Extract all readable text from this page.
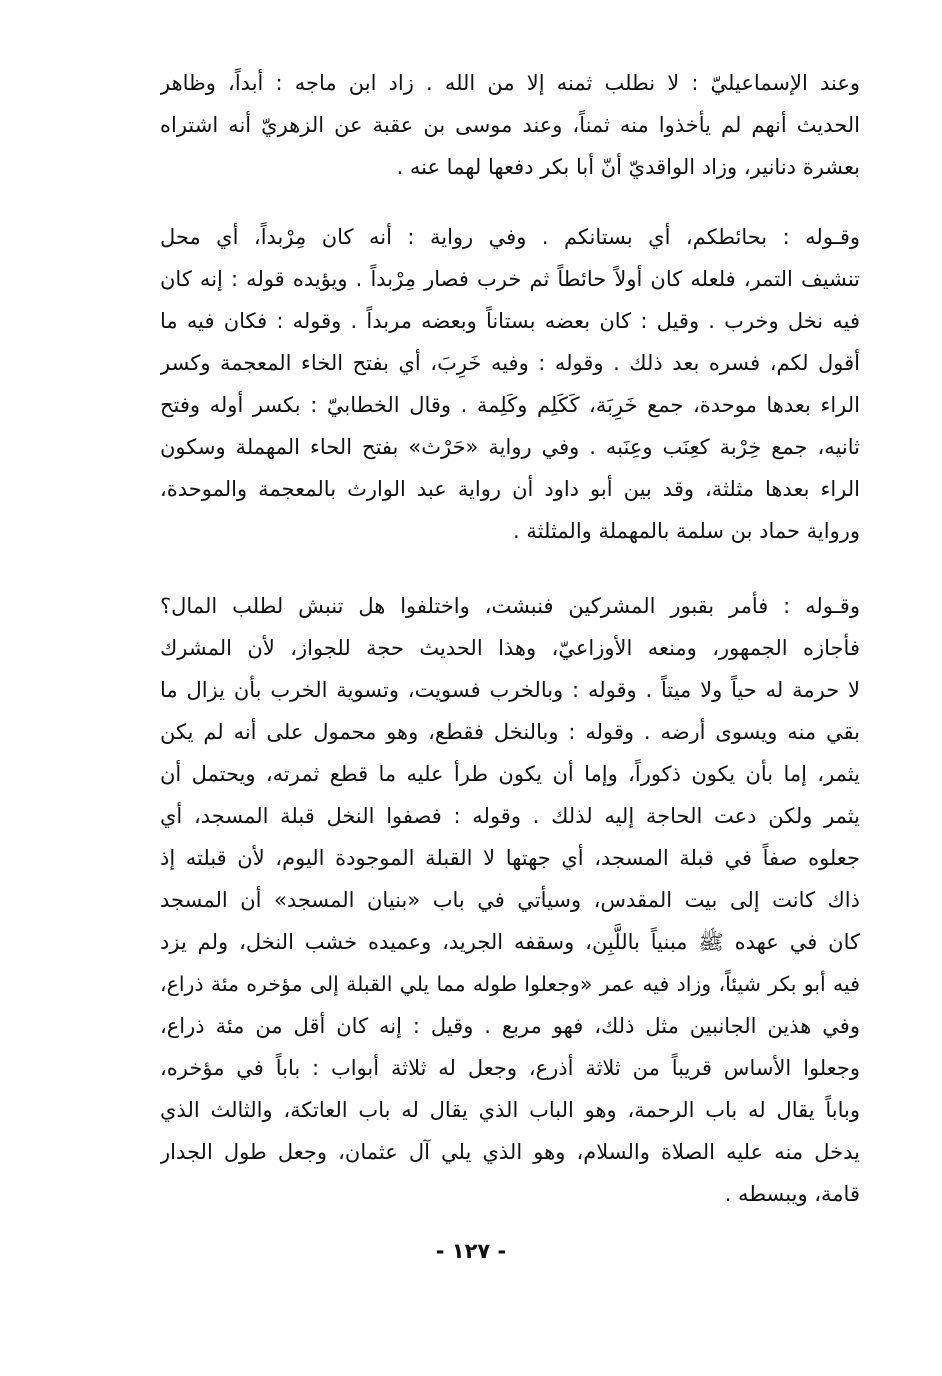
وعند الإسماعيليّ : لا نطلب ثمنه إلا من الله . زاد ابن ماجه : أبداً، وظاهر
الحديث أنهم لم يأخذوا منه ثمناً، وعند موسى بن عقبة عن الزهريّ أنه اشتراه
بعشرة دنانير، وزاد الواقديّ أنّ أبا بكر دفعها لهما عنه .
وقـوله : بحائطكم، أي بستانكم . وفي رواية : أنه كان مِرْبداً، أي محل
تنشيف التمر، فلعله كان أولاً حائطاً ثم خرب فصار مِرْبداً . ويؤيده قوله : إنه كان
فيه نخل وخرب . وقيل : كان بعضه بستاناً وبعضه مربداً . وقوله : فكان فيه ما
أقول لكم، فسره بعد ذلك . وقوله : وفيه خَرِبَ، أي بفتح الخاء المعجمة وكسر
الراء بعدها موحدة، جمع خَرِبَة، كَكَلِم وكَلِمة . وقال الخطابيّ : بكسر أوله وفتح
ثانيه، جمع خِرْبة كعِنَب وعِنَبه . وفي رواية «حَرْث» بفتح الحاء المهملة وسكون
الراء بعدها مثلثة، وقد بين أبو داود أن رواية عبد الوارث بالمعجمة والموحدة،
ورواية حماد بن سلمة بالمهملة والمثلثة .
وقـوله : فأمر بقبور المشركين فنبشت، واختلفوا هل تنبش لطلب المال؟
فأجازه الجمهور، ومنعه الأوزاعيّ، وهذا الحديث حجة للجواز، لأن المشرك
لا حرمة له حياً ولا ميتاً . وقوله : وبالخرب فسويت، وتسوية الخرب بأن يزال ما
بقي منه ويسوى أرضه . وقوله : وبالنخل فقطع، وهو محمول على أنه لم يكن
يثمر، إما بأن يكون ذكوراً، وإما أن يكون طرأ عليه ما قطع ثمرته، ويحتمل أن
يثمر ولكن دعت الحاجة إليه لذلك . وقوله : فصفوا النخل قبلة المسجد، أي
جعلوه صفاً في قبلة المسجد، أي جهتها لا القبلة الموجودة اليوم، لأن قبلته إذ
ذاك كانت إلى بيت المقدس، وسيأتي في باب «بنيان المسجد» أن المسجد
كان في عهده ﷺ مبنياً باللَّبِن، وسقفه الجريد، وعميده خشب النخل، ولم يزد
فيه أبو بكر شيئاً، وزاد فيه عمر «وجعلوا طوله مما يلي القبلة إلى مؤخره مئة ذراع،
وفي هذين الجانبين مثل ذلك، فهو مربع . وقيل : إنه كان أقل من مئة ذراع،
وجعلوا الأساس قريباً من ثلاثة أذرع، وجعل له ثلاثة أبواب : باباً في مؤخره،
وباباً يقال له باب الرحمة، وهو الباب الذي يقال له باب العاتكة، والثالث الذي
يدخل منه عليه الصلاة والسلام، وهو الذي يلي آل عثمان، وجعل طول الجدار
قامة، ويبسطه .
- ١٢٧ -
